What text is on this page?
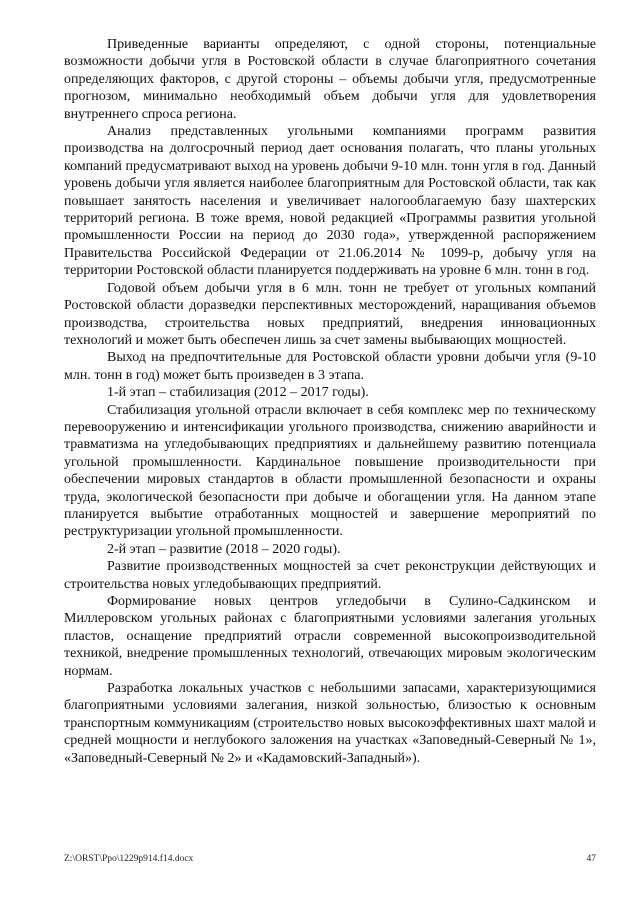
Приведенные варианты определяют, с одной стороны, потенциальные возможности добычи угля в Ростовской области в случае благоприятного сочетания определяющих факторов, с другой стороны – объемы добычи угля, предусмотренные прогнозом, минимально необходимый объем добычи угля для удовлетворения внутреннего спроса региона.

Анализ представленных угольными компаниями программ развития производства на долгосрочный период дает основания полагать, что планы угольных компаний предусматривают выход на уровень добычи 9-10 млн. тонн угля в год. Данный уровень добычи угля является наиболее благоприятным для Ростовской области, так как повышает занятость населения и увеличивает налогооблагаемую базу шахтерских территорий региона. В тоже время, новой редакцией «Программы развития угольной промышленности России на период до 2030 года», утвержденной распоряжением Правительства Российской Федерации от 21.06.2014 № 1099-р, добычу угля на территории Ростовской области планируется поддерживать на уровне 6 млн. тонн в год.

Годовой объем добычи угля в 6 млн. тонн не требует от угольных компаний Ростовской области доразведки перспективных месторождений, наращивания объемов производства, строительства новых предприятий, внедрения инновационных технологий и может быть обеспечен лишь за счет замены выбывающих мощностей.

Выход на предпочтительные для Ростовской области уровни добычи угля (9-10 млн. тонн в год) может быть произведен в 3 этапа.

1-й этап – стабилизация (2012 – 2017 годы).

Стабилизация угольной отрасли включает в себя комплекс мер по техническому перевооружению и интенсификации угольного производства, снижению аварийности и травматизма на угледобывающих предприятиях и дальнейшему развитию потенциала угольной промышленности. Кардинальное повышение производительности при обеспечении мировых стандартов в области промышленной безопасности и охраны труда, экологической безопасности при добыче и обогащении угля. На данном этапе планируется выбытие отработанных мощностей и завершение мероприятий по реструктуризации угольной промышленности.

2-й этап – развитие (2018 – 2020 годы).

Развитие производственных мощностей за счет реконструкции действующих и строительства новых угледобывающих предприятий.

Формирование новых центров угледобычи в Сулино-Садкинском и Миллеровском угольных районах с благоприятными условиями залегания угольных пластов, оснащение предприятий отрасли современной высокопроизводительной техникой, внедрение промышленных технологий, отвечающих мировым экологическим нормам.

Разработка локальных участков с небольшими запасами, характеризующимися благоприятными условиями залегания, низкой зольностью, близостью к основным транспортным коммуникациям (строительство новых высокоэффективных шахт малой и средней мощности и неглубокого заложения на участках «Заповедный-Северный № 1», «Заповедный-Северный № 2» и «Кадамовский-Западный»).

Z:\ORST\Ppo\1229p914.f14.docx	47
